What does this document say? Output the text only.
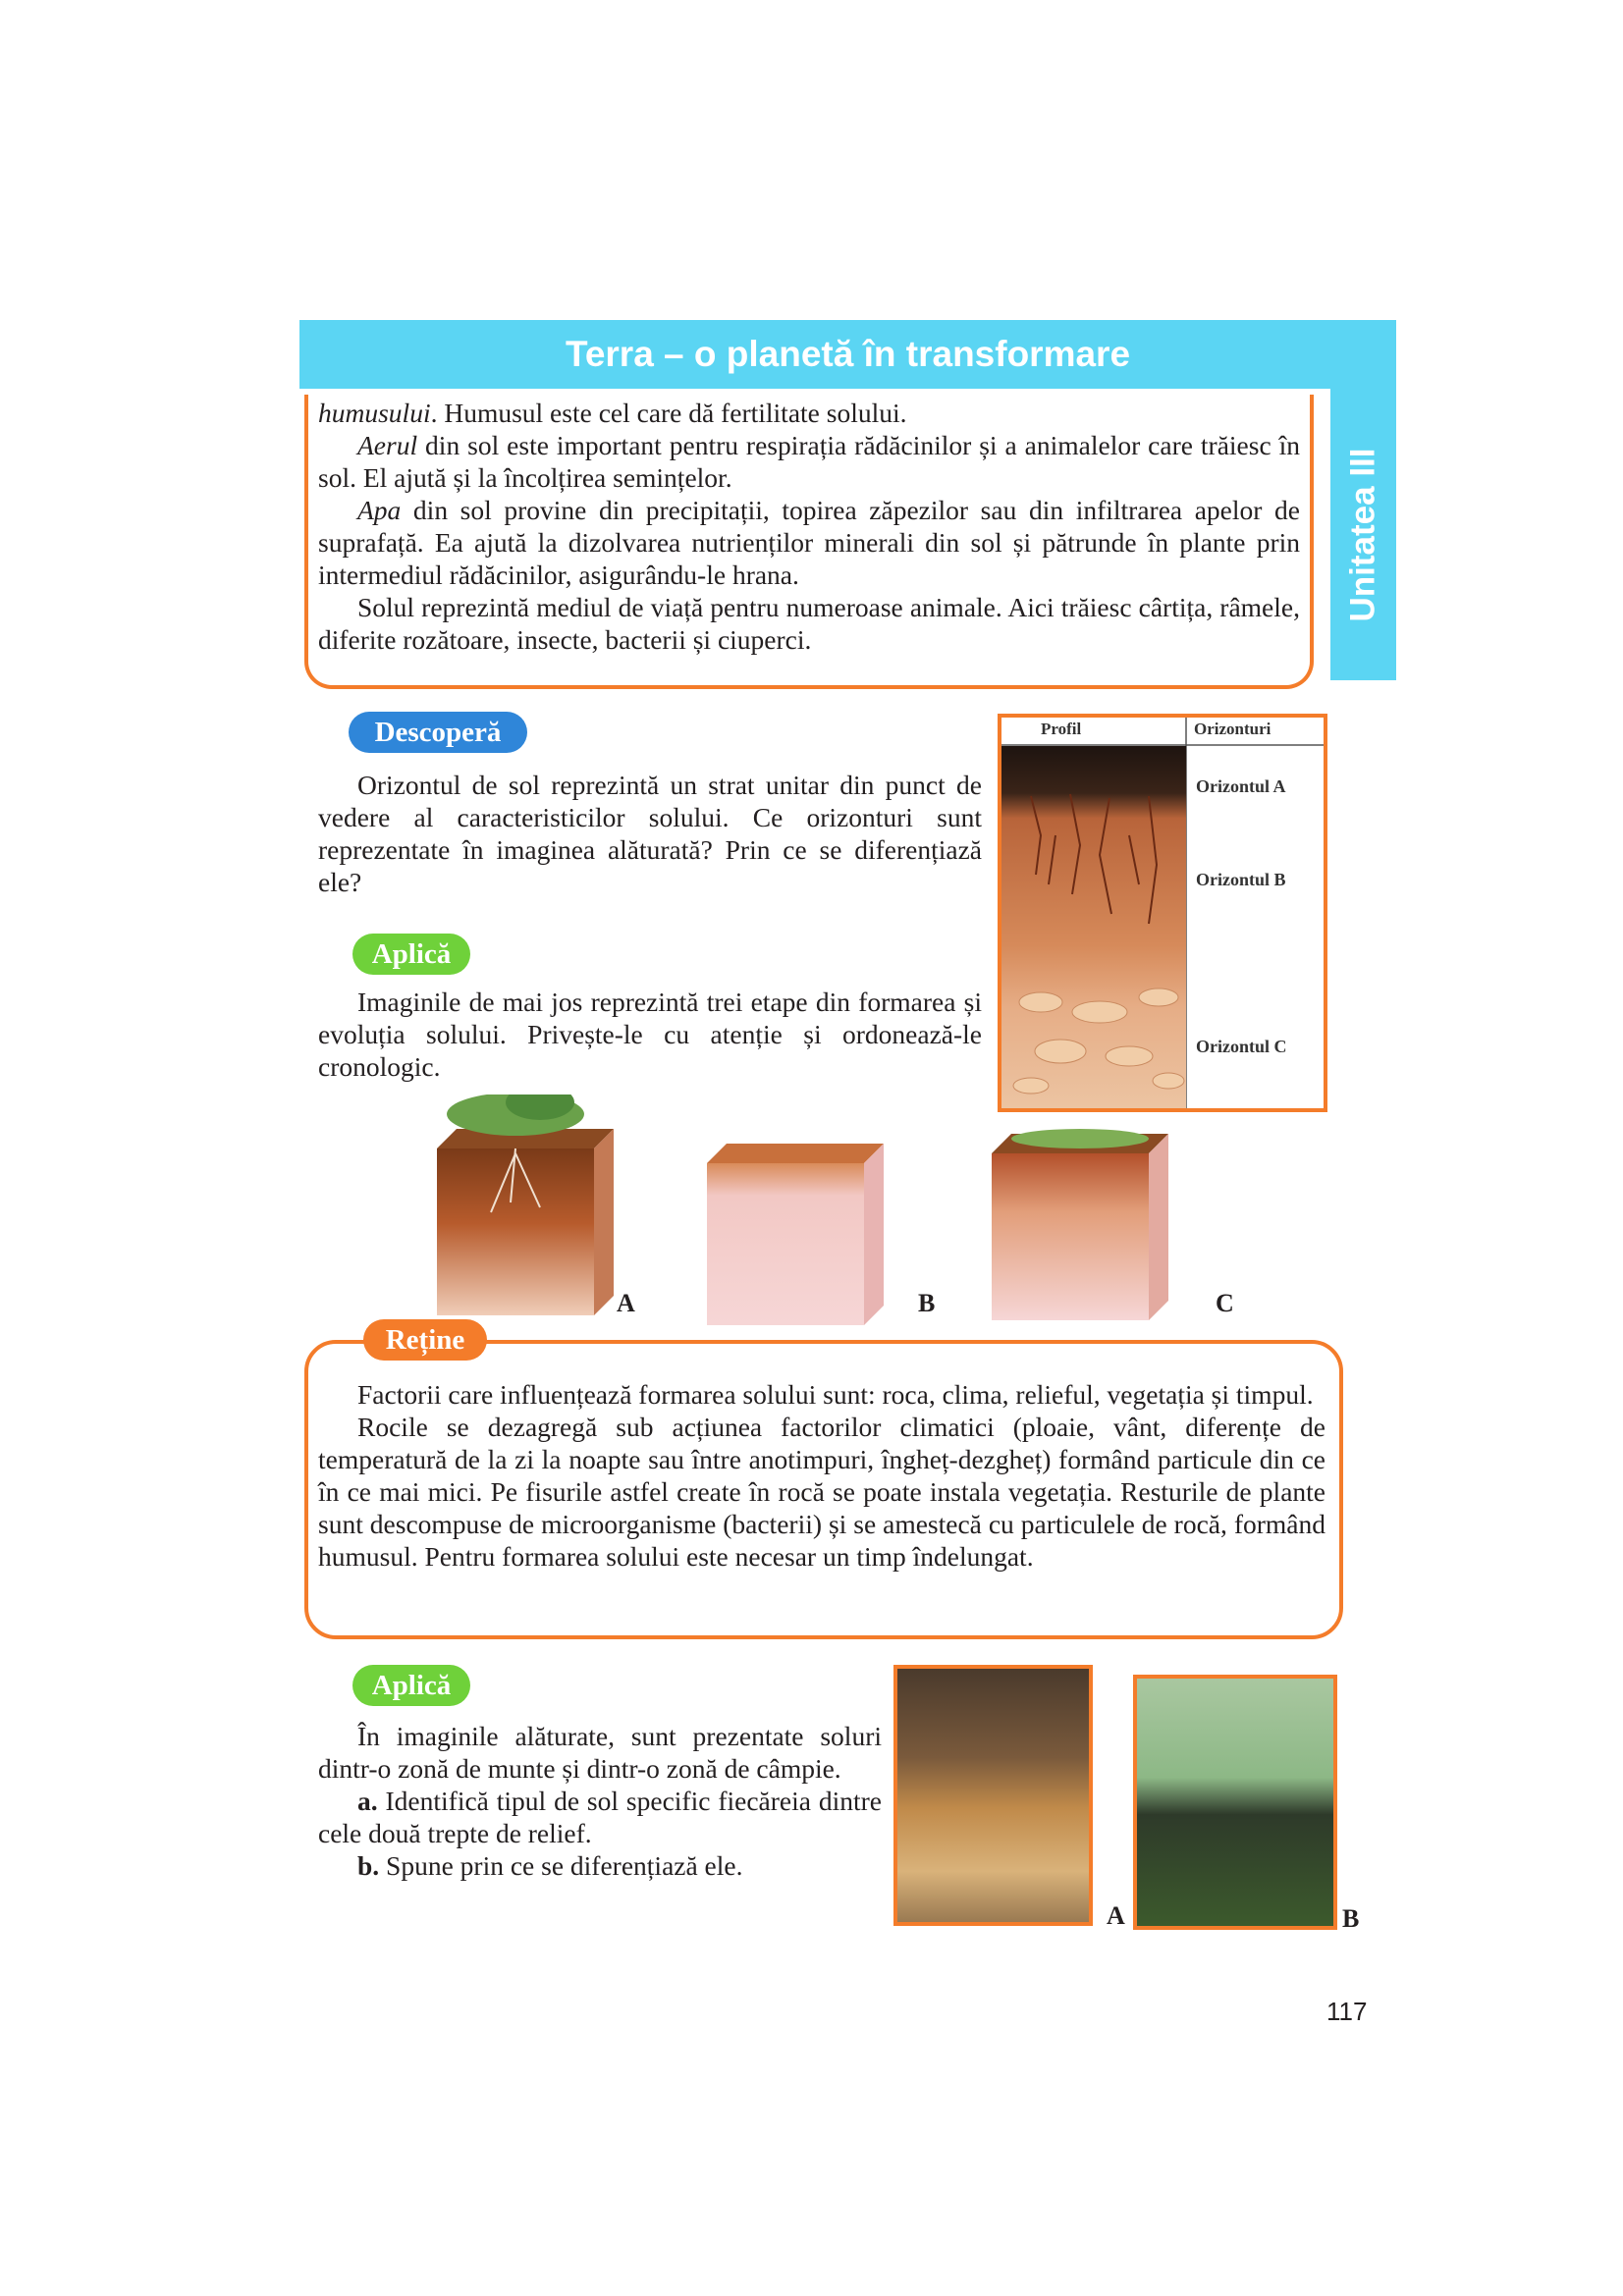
Terra – o planetă în transformare
Unitatea III

humusului. Humusul este cel care dă fertilitate solului.

Aerul din sol este important pentru respirația rădăcinilor și a animalelor care trăiesc în sol. El ajută și la încolțirea semințelor.

Apa din sol provine din precipitații, topirea zăpezilor sau din infiltrarea apelor de suprafață. Ea ajută la dizolvarea nutrienților minerali din sol și pătrunde în plante prin intermediul rădăcinilor, asigurându-le hrana.

Solul reprezintă mediul de viață pentru numeroase animale. Aici trăiesc cârtița, râmele, diferite rozătoare, insecte, bacterii și ciuperci.

Descoperă

Orizontul de sol reprezintă un strat unitar din punct de vedere al caracteristicilor solului. Ce orizonturi sunt reprezentate în imaginea alăturată? Prin ce se diferențiază ele?

Profil	Orizonturi
Orizontul A
Orizontul B
Orizontul C
Aplică

Imaginile de mai jos reprezintă trei etape din formarea și evoluția solului. Privește-le cu atenție și ordonează-le cronologic.

A	B	C
Reține

Factorii care influențează formarea solului sunt: roca, clima, relieful, vegetația și timpul.

Rocile se dezagregă sub acțiunea factorilor climatici (ploaie, vânt, diferențe de temperatură de la zi la noapte sau între anotimpuri, îngheț-dezgheț) formând particule din ce în ce mai mici. Pe fisurile astfel create în rocă se poate instala vegetația. Resturile de plante sunt descompuse de microorganisme (bacterii) și se amestecă cu particulele de rocă, formând humusul. Pentru formarea solului este necesar un timp îndelungat.

Aplică

În imaginile alăturate, sunt prezentate soluri dintr-o zonă de munte și dintr-o zonă de câmpie.

a. Identifică tipul de sol specific fiecăreia dintre cele două trepte de relief.

b. Spune prin ce se diferențiază ele.

A	B
117
